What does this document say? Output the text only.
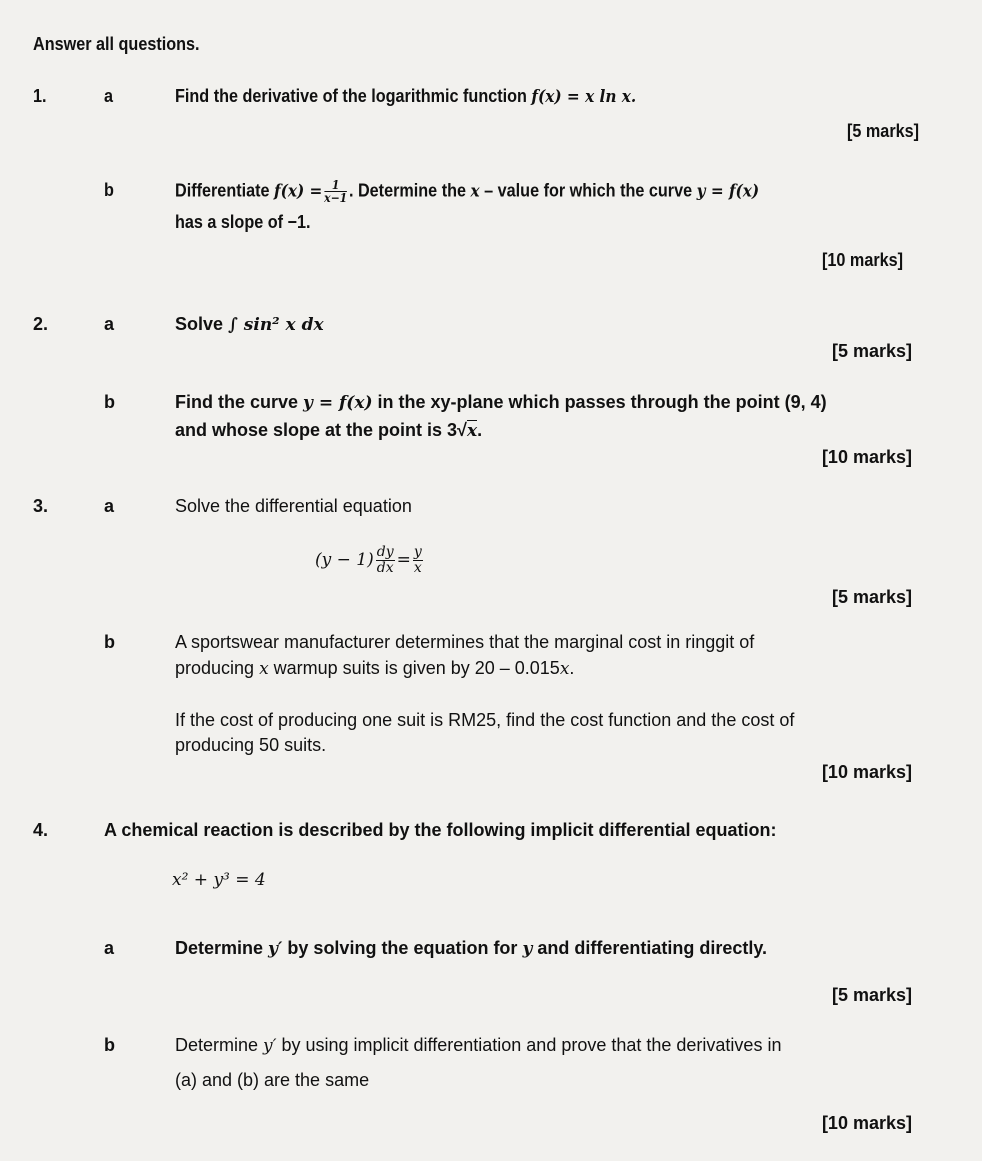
Answer all questions.
1.	a	Find the derivative of the logarithmic function f(x) = x ln x.
[5 marks]
b	Differentiate $f(x) = \frac{1}{x-1}$ . Determine the x – value for which the curve y = f(x)
has a slope of −1.
[10 marks]
2.	a	Solve ∫ sin² x dx
[5 marks]
b	Find the curve y = f(x) in the xy-plane which passes through the point (9, 4)
and whose slope at the point is 3√x.
[10 marks]
3.	a	Solve the differential equation
$(y - 1) \frac{dy}{dx} = \frac{y}{x}$
[5 marks]
b	A sportswear manufacturer determines that the marginal cost in ringgit of
producing x warmup suits is given by 20 – 0.015x.
If the cost of producing one suit is RM25, find the cost function and the cost of
producing 50 suits.
[10 marks]
4.	A chemical reaction is described by the following implicit differential equation:
x² + y³ = 4
a	Determine y′ by solving the equation for y and differentiating directly.
[5 marks]
b	Determine y′ by using implicit differentiation and prove that the derivatives in
(a) and (b) are the same
[10 marks]
